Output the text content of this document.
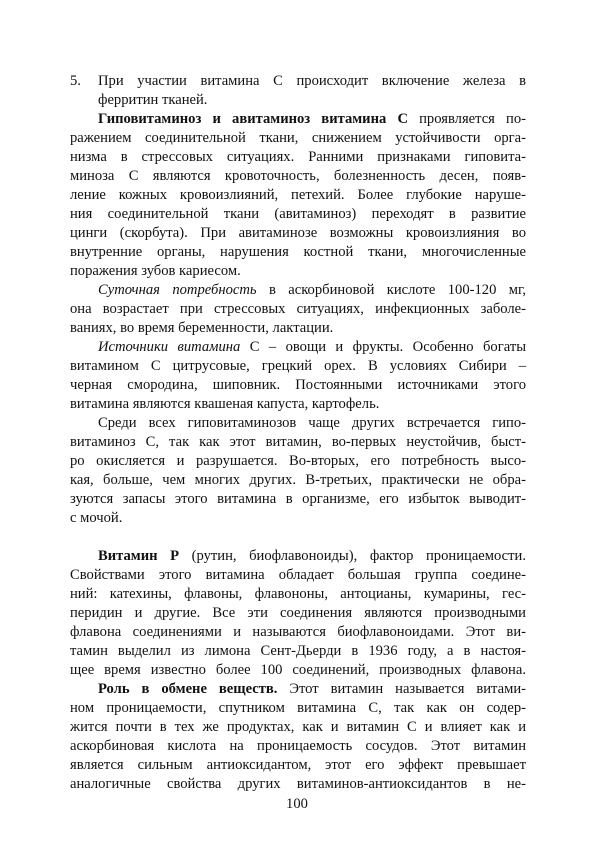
5. При участии витамина С происходит включение железа в
ферритин тканей.
Гиповитаминоз и авитаминоз витамина С проявляется по-
ражением соединительной ткани, снижением устойчивости орга-
низма в стрессовых ситуациях. Ранними признаками гиповита-
миноза С являются кровоточность, болезненность десен, появ-
ление кожных кровоизлияний, петехий. Более глубокие наруше-
ния соединительной ткани (авитаминоз) переходят в развитие
цинги (скорбута). При авитаминозе возможны кровоизлияния во
внутренние органы, нарушения костной ткани, многочисленные
поражения зубов кариесом.
Суточная потребность в аскорбиновой кислоте 100-120 мг,
она возрастает при стрессовых ситуациях, инфекционных заболе-
ваниях, во время беременности, лактации.
Источники витамина С – овощи и фрукты. Особенно богаты
витамином С цитрусовые, грецкий орех. В условиях Сибири –
черная смородина, шиповник. Постоянными источниками этого
витамина являются квашеная капуста, картофель.
Среди всех гиповитаминозов чаще других встречается гипо-
витаминоз С, так как этот витамин, во-первых неустойчив, быст-
ро окисляется и разрушается. Во-вторых, его потребность высо-
кая, больше, чем многих других. В-третьих, практически не обра-
зуются запасы этого витамина в организме, его избыток выводит-
с мочой.
Витамин Р (рутин, биофлавоноиды), фактор проницаемости.
Свойствами этого витамина обладает большая группа соедине-
ний: катехины, флавоны, флавононы, антоцианы, кумарины, гес-
перидин и другие. Все эти соединения являются производными
флавона соединениями и называются биофлавоноидами. Этот ви-
тамин выделил из лимона Сент-Дьерди в 1936 году, а в настоя-
щее время известно более 100 соединений, производных флавона.
Роль в обмене веществ. Этот витамин называется витами-
ном проницаемости, спутником витамина С, так как он содер-
жится почти в тех же продуктах, как и витамин С и влияет как и
аскорбиновая кислота на проницаемость сосудов. Этот витамин
является сильным антиоксидантом, этот его эффект превышает
аналогичные свойства других витаминов-антиоксидантов в не-
100
